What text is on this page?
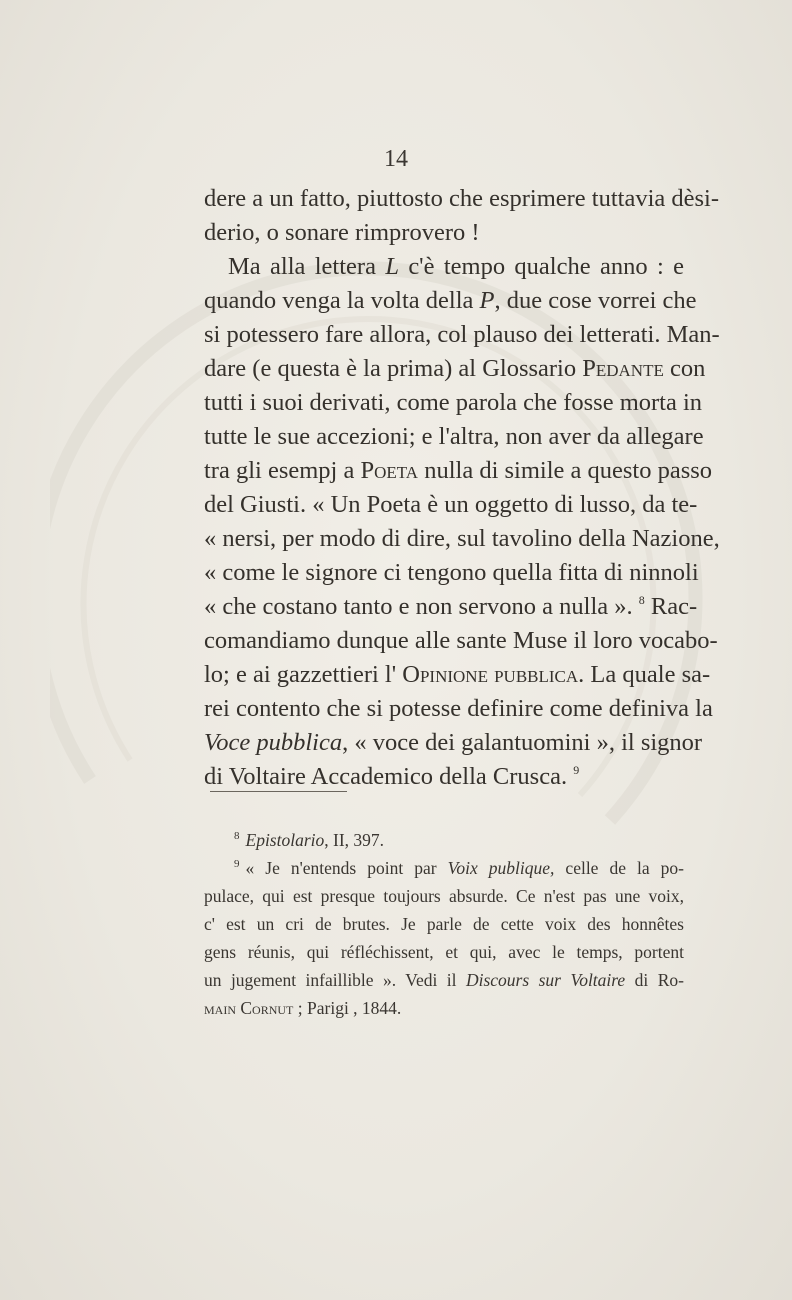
14
dere a un fatto, piuttosto che esprimere tuttavia dèsi-
derio, o sonare rimprovero !
Ma alla lettera L c'è tempo qualche anno : e
quando venga la volta della P, due cose vorrei che
si potessero fare allora, col plauso dei letterati. Man-
dare (e questa è la prima) al Glossario Pedante con
tutti i suoi derivati, come parola che fosse morta in
tutte le sue accezioni; e l'altra, non aver da allegare
tra gli esempj a Poeta nulla di simile a questo passo
del Giusti. « Un Poeta è un oggetto di lusso, da te-
« nersi, per modo di dire, sul tavolino della Nazione,
« come le signore ci tengono quella fitta di ninnoli
« che costano tanto e non servono a nulla ». $^8$ Rac-
comandiamo dunque alle sante Muse il loro vocabo-
lo; e ai gazzettieri l' Opinione pubblica. La quale sa-
rei contento che si potesse definire come definiva la
Voce pubblica, « voce dei galantuomini », il signor
di Voltaire Accademico della Crusca. $^9$
$^8$ Epistolario, II, 397.
$^9$ « Je n'entends point par Voix publique, celle de la po-
pulace, qui est presque toujours absurde. Ce n'est pas une voix,
c' est un cri de brutes. Je parle de cette voix des honnêtes
gens réunis, qui réfléchissent, et qui, avec le temps, portent
un jugement infaillible ». Vedi il Discours sur Voltaire di Ro-
main Cornut ; Parigi , 1844.
